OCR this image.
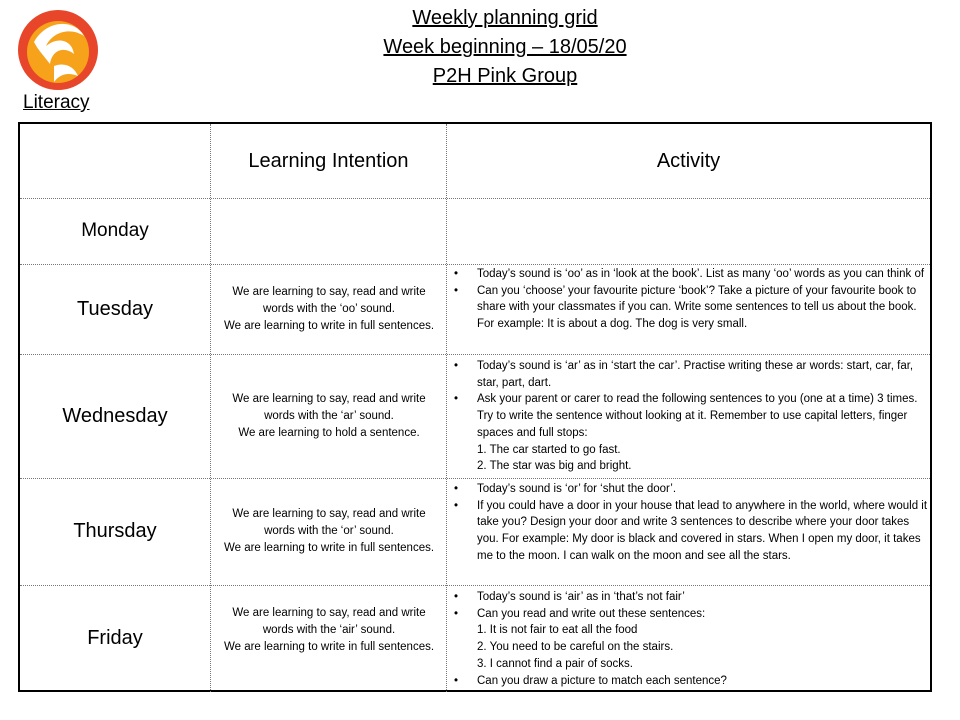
Weekly planning grid
Week beginning – 18/05/20
P2H Pink Group
Literacy
Learning Intention	Activity
Monday
Tuesday
We are learning to say, read and write words with the ‘oo’ sound.
We are learning to write in full sentences.
• Today’s sound is ‘oo’ as in ‘look at the book’. List as many ‘oo’ words as you can think of
• Can you ‘choose’ your favourite picture ‘book’? Take a picture of your favourite book to share with your classmates if you can. Write some sentences to tell us about the book. For example: It is about a dog. The dog is very small.
Wednesday
We are learning to say, read and write words with the ‘ar’ sound.
We are learning to hold a sentence.
• Today’s sound is ‘ar’ as in ‘start the car’. Practise writing these ar words: start, car, far, star, part, dart.
• Ask your parent or carer to read the following sentences to you (one at a time) 3 times. Try to write the sentence without looking at it. Remember to use capital letters, finger spaces and full stops:
1. The car started to go fast.
2. The star was big and bright.
Thursday
We are learning to say, read and write words with the ‘or’ sound.
We are learning to write in full sentences.
• Today’s sound is ‘or’ for ‘shut the door’.
• If you could have a door in your house that lead to anywhere in the world, where would it take you? Design your door and write 3 sentences to describe where your door takes you. For example: My door is black and covered in stars. When I open my door, it takes me to the moon. I can walk on the moon and see all the stars.
Friday
We are learning to say, read and write words with the ‘air’ sound.
We are learning to write in full sentences.
• Today’s sound is ‘air’ as in ‘that’s not fair’
• Can you read and write out these sentences:
1. It is not fair to eat all the food
2. You need to be careful on the stairs.
3. I cannot find a pair of socks.
• Can you draw a picture to match each sentence?
